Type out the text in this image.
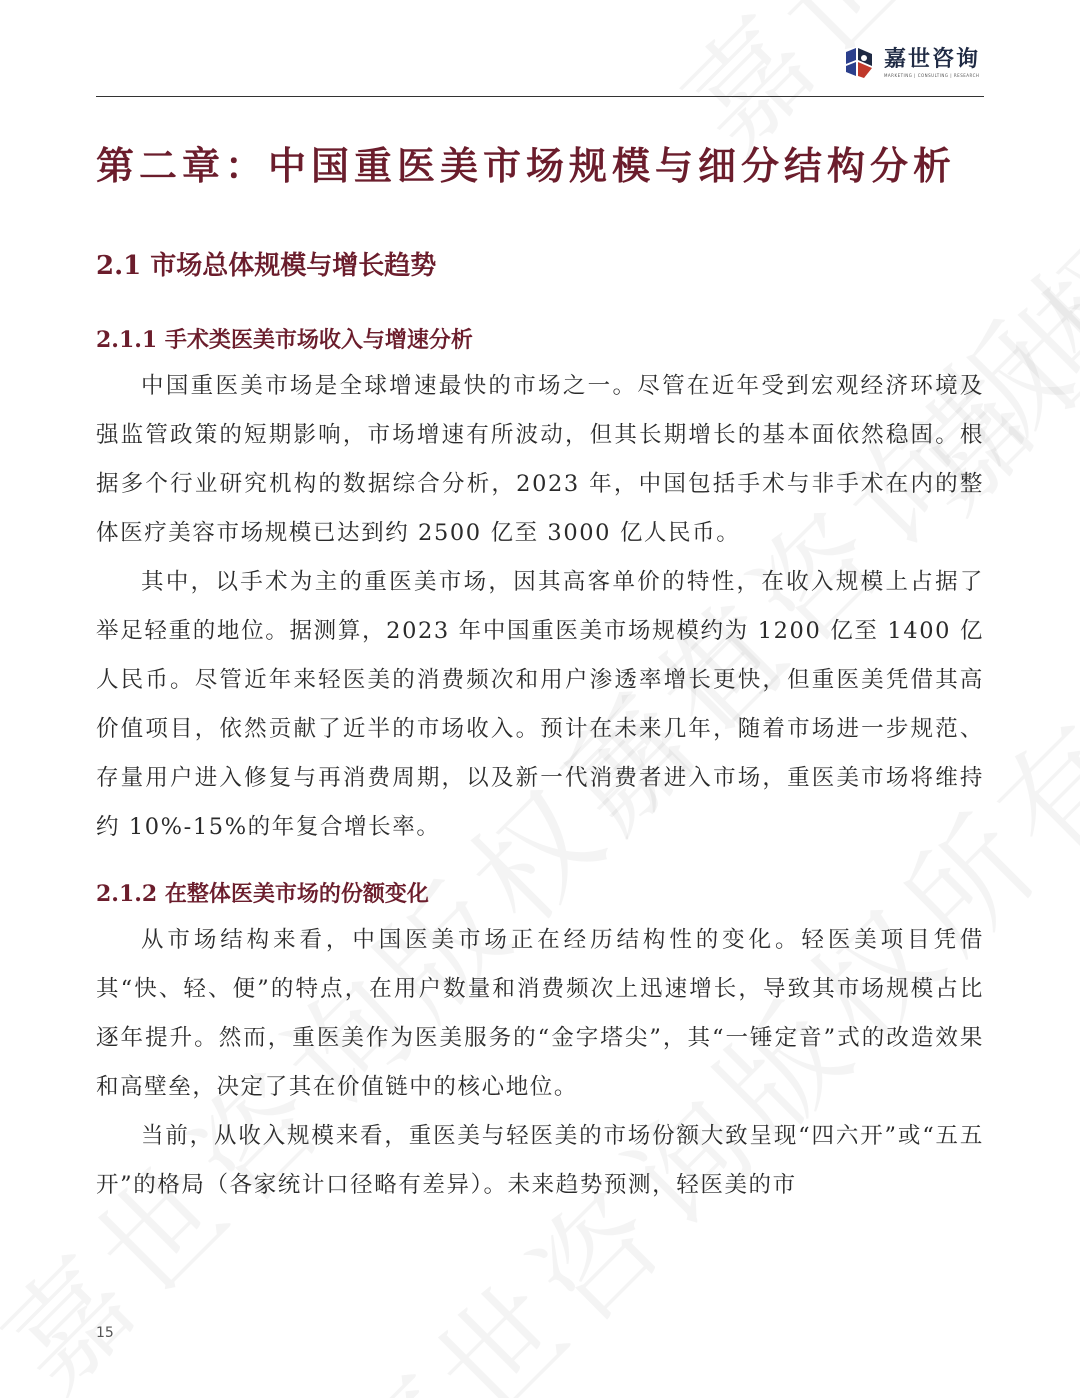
嘉世咨询
MARKETING | CONSULTING | RESEARCH
第二章：中国重医美市场规模与细分结构分析
2.1 市场总体规模与增长趋势
2.1.1 手术类医美市场收入与增速分析

中国重医美市场是全球增速最快的市场之一。尽管在近年受到宏观经济环境及强监管政策的短期影响，市场增速有所波动，但其长期增长的基本面依然稳固。根据多个行业研究机构的数据综合分析，2023 年，中国包括手术与非手术在内的整体医疗美容市场规模已达到约 2500 亿至 3000 亿人民币。

其中，以手术为主的重医美市场，因其高客单价的特性，在收入规模上占据了举足轻重的地位。据测算，2023 年中国重医美市场规模约为 1200 亿至 1400 亿人民币。尽管近年来轻医美的消费频次和用户渗透率增长更快，但重医美凭借其高价值项目，依然贡献了近半的市场收入。预计在未来几年，随着市场进一步规范、存量用户进入修复与再消费周期，以及新一代消费者进入市场，重医美市场将维持约 10%-15%的年复合增长率。

2.1.2 在整体医美市场的份额变化

从市场结构来看，中国医美市场正在经历结构性的变化。轻医美项目凭借其“快、轻、便”的特点，在用户数量和消费频次上迅速增长，导致其市场规模占比逐年提升。然而，重医美作为医美服务的“金字塔尖”，其“一锤定音”式的改造效果和高壁垒，决定了其在价值链中的核心地位。

当前，从收入规模来看，重医美与轻医美的市场份额大致呈现“四六开”或“五五开”的格局（各家统计口径略有差异）。未来趋势预测，轻医美的市

15
